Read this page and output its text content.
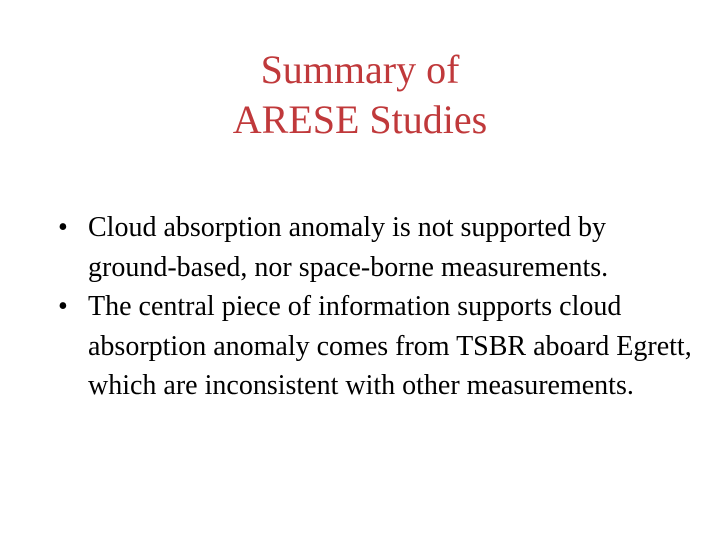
Summary of
ARESE Studies
• Cloud absorption anomaly is not supported by ground-based, nor space-borne measurements.
• The central piece of information supports cloud absorption anomaly comes from TSBR aboard Egrett, which are inconsistent with other measurements.
